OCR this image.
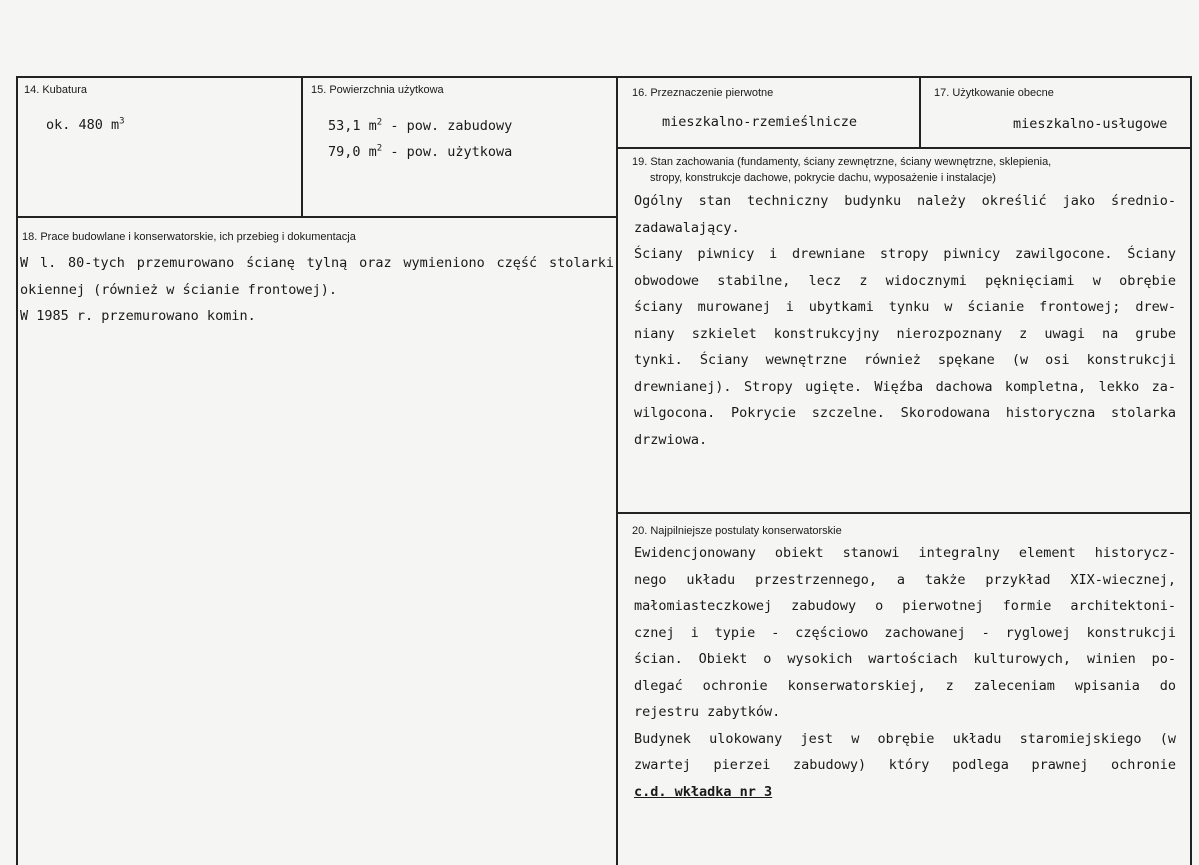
14. Kubatura
ok. 480 $m^3$
15. Powierzchnia użytkowa
53,1 $m^2$ - pow. zabudowy
79,0 $m^2$ - pow. użytkowa
16. Przeznaczenie pierwotne
mieszkalno-rzemieślnicze
17. Użytkowanie obecne
mieszkalno-usługowe
18. Prace budowlane i konserwatorskie, ich przebieg i dokumentacja
W l. 80-tych przemurowano ścianę tylną oraz wymieniono część stolarki
okiennej (również w ścianie frontowej).
W 1985 r. przemurowano komin.
19. Stan zachowania (fundamenty, ściany zewnętrzne, ściany wewnętrzne, sklepienia,
stropy, konstrukcje dachowe, pokrycie dachu, wyposażenie i instalacje)
Ogólny stan techniczny budynku należy określić jako średnio-
zadawalający.
Ściany piwnicy i drewniane stropy piwnicy zawilgocone. Ściany
obwodowe stabilne, lecz z widocznymi pęknięciami w obrębie
ściany murowanej i ubytkami tynku w ścianie frontowej; drew-
niany szkielet konstrukcyjny nierozpoznany z uwagi na grube
tynki. Ściany wewnętrzne również spękane (w osi konstrukcji
drewnianej). Stropy ugięte. Więźba dachowa kompletna, lekko za-
wilgocona. Pokrycie szczelne. Skorodowana historyczna stolarka
drzwiowa.
20. Najpilniejsze postulaty konserwatorskie
Ewidencjonowany obiekt stanowi integralny element historycz-
nego układu przestrzennego, a także przykład XIX-wiecznej,
małomiasteczkowej zabudowy o pierwotnej formie architektoni-
cznej i typie - częściowo zachowanej - ryglowej konstrukcji
ścian. Obiekt o wysokich wartościach kulturowych, winien po-
dlegać ochronie konserwatorskiej, z zaleceniam wpisania do
rejestru zabytków.
Budynek ulokowany jest w obrębie układu staromiejskiego (w
zwartej pierzei zabudowy) który podlega prawnej ochronie
c.d. wkładka nr 3
